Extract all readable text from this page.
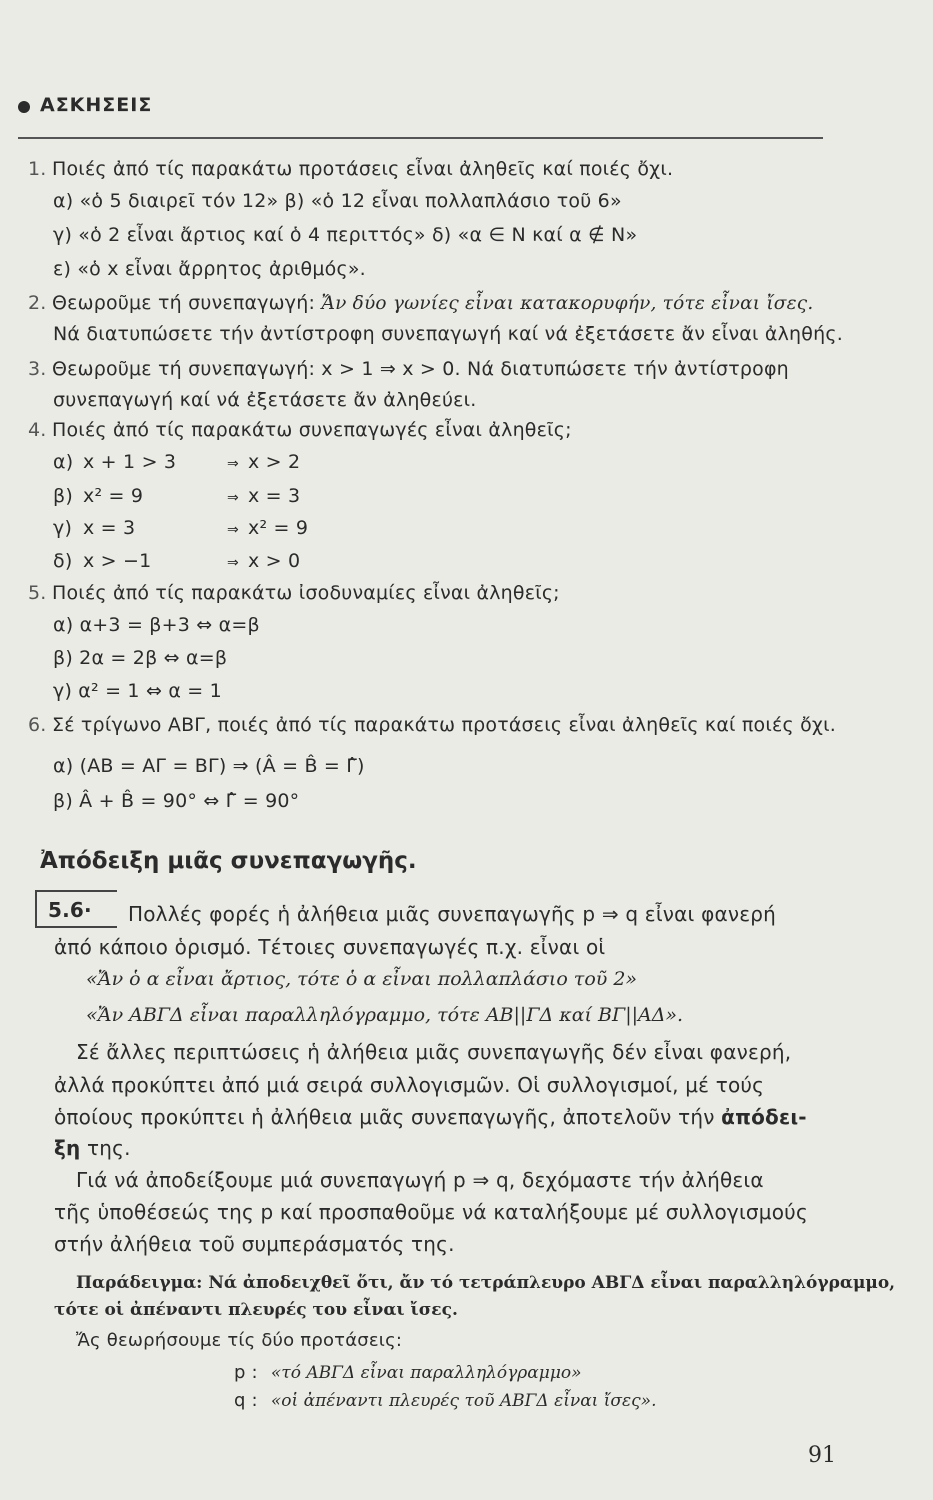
ΑΣΚΗΣΕΙΣ
1. Ποιές ἀπό τίς παρακάτω προτάσεις εἶναι ἀληθεῖς καί ποιές ὄχι.
α) «ὁ 5 διαιρεῖ τόν 12» β) «ὁ 12 εἶναι πολλαπλάσιο τοῦ 6»
γ) «ὁ 2 εἶναι ἄρτιος καί ὁ 4 περιττός» δ) «α ∈ N καί α ∉ N»
ε) «ὁ x εἶναι ἄρρητος ἀριθμός».
2. Θεωροῦμε τή συνεπαγωγή: Ἄν δύο γωνίες εἶναι κατακορυφήν, τότε εἶναι ἴσες.
Νά διατυπώσετε τήν ἀντίστροφη συνεπαγωγή καί νά ἐξετάσετε ἄν εἶναι ἀληθής.
3. Θεωροῦμε τή συνεπαγωγή: x > 1 ⇒ x > 0. Νά διατυπώσετε τήν ἀντίστροφη
συνεπαγωγή καί νά ἐξετάσετε ἄν ἀληθεύει.
4. Ποιές ἀπό τίς παρακάτω συνεπαγωγές εἶναι ἀληθεῖς;
α) x + 1 > 3	⇒ x > 2
β) x² = 9	⇒ x = 3
γ) x = 3	⇒ x² = 9
δ) x > −1	⇒ x > 0
5. Ποιές ἀπό τίς παρακάτω ἰσοδυναμίες εἶναι ἀληθεῖς;
α) α+3 = β+3 ⇔ α=β
β) 2α = 2β ⇔ α=β
γ) α² = 1 ⇔ α = 1
6. Σέ τρίγωνο ΑΒΓ, ποιές ἀπό τίς παρακάτω προτάσεις εἶναι ἀληθεῖς καί ποιές ὄχι.
α) (AB = AΓ = BΓ) ⇒ (Â = B̂ = Γ̂)
β) Â + B̂ = 90° ⇔ Γ̂ = 90°
Ἀπόδειξη μιᾶς συνεπαγωγῆς.
5.6· Πολλές φορές ἡ ἀλήθεια μιᾶς συνεπαγωγῆς p ⇒ q εἶναι φανερή
ἀπό κάποιο ὁρισμό. Τέτοιες συνεπαγωγές π.χ. εἶναι οἱ
«Ἄν ὁ α εἶναι ἄρτιος, τότε ὁ α εἶναι πολλαπλάσιο τοῦ 2»
«Ἄν ΑΒΓΔ εἶναι παραλληλόγραμμο, τότε ΑΒ||ΓΔ καί ΒΓ||ΑΔ».
Σέ ἄλλες περιπτώσεις ἡ ἀλήθεια μιᾶς συνεπαγωγῆς δέν εἶναι φανερή,
ἀλλά προκύπτει ἀπό μιά σειρά συλλογισμῶν. Οἱ συλλογισμοί, μέ τούς
ὁποίους προκύπτει ἡ ἀλήθεια μιᾶς συνεπαγωγῆς, ἀποτελοῦν τήν ἀπόδει-
ξη της.
Γιά νά ἀποδείξουμε μιά συνεπαγωγή p ⇒ q, δεχόμαστε τήν ἀλήθεια
τῆς ὑποθέσεώς της p καί προσπαθοῦμε νά καταλήξουμε μέ συλλογισμούς
στήν ἀλήθεια τοῦ συμπεράσματός της.
Παράδειγμα: Νά ἀποδειχθεῖ ὅτι, ἄν τό τετράπλευρο ΑΒΓΔ εἶναι παραλληλόγραμμο,
τότε οἱ ἀπέναντι πλευρές του εἶναι ἴσες.
Ἄς θεωρήσουμε τίς δύο προτάσεις:
p : «τό ΑΒΓΔ εἶναι παραλληλόγραμμο»
q : «οἱ ἀπέναντι πλευρές τοῦ ΑΒΓΔ εἶναι ἴσες».
91
